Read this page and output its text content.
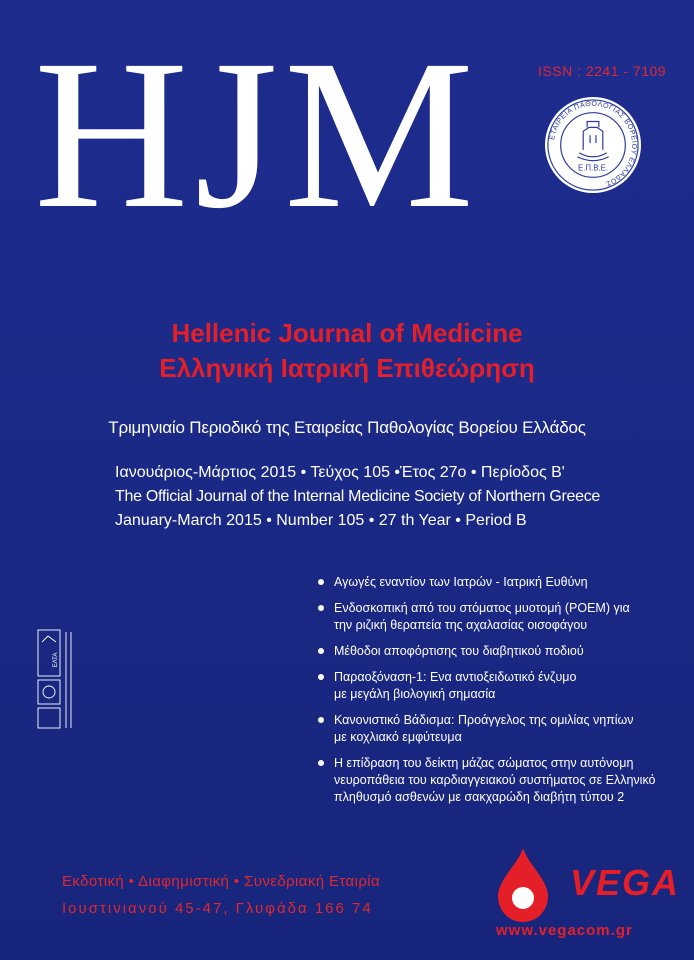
HJM	ISSN : 2241 - 7109
ΕΤΑΙΡΕΙΑ ΠΑΘΟΛΟΓΙΑΣ ΒΟΡΕΙΟΥ ΕΛΛΑΔΟΣ
Ε.Π.Β.Ε.
Hellenic Journal of Medicine
Ελληνική Ιατρική Επιθεώρηση
Τριμηνιαίο Περιοδικό της Εταιρείας Παθολογίας Βορείου Ελλάδος
Ιανουάριος-Μάρτιος 2015 • Τεύχος 105 •Έτος 27ο • Περίοδος Β'
The Official Journal of the Internal Medicine Society of Northern Greece
January-March 2015 • Number 105 • 27 th Year • Period B
Αγωγές εναντίον των Ιατρών - Ιατρική Ευθύνη
Ενδοσκοπική από του στόματος μυοτομή (POEM) για
την ριζική θεραπεία της αχαλασίας οισοφάγου
Μέθοδοι αποφόρτισης του διαβητικού ποδιού
Παραοξόναση-1: Ενα αντιοξειδωτικό ένζυμο
με μεγάλη βιολογική σημασία
Κανονιστικό Βάδισμα: Προάγγελος της ομιλίας νηπίων
με κοχλιακό εμφύτευμα
Η επίδραση του δείκτη μάζας σώματος στην αυτόνομη
νευροπάθεια του καρδιαγγειακού συστήματος σε Ελληνικό
πληθυσμό ασθενών με σακχαρώδη διαβήτη τύπου 2
ΕΛΤΑ
Εκδοτική • Διαφημιστική • Συνεδριακή Εταιρία
Ιουστινιανού 45-47, Γλυφάδα 166 74
VEGA
www.vegacom.gr
